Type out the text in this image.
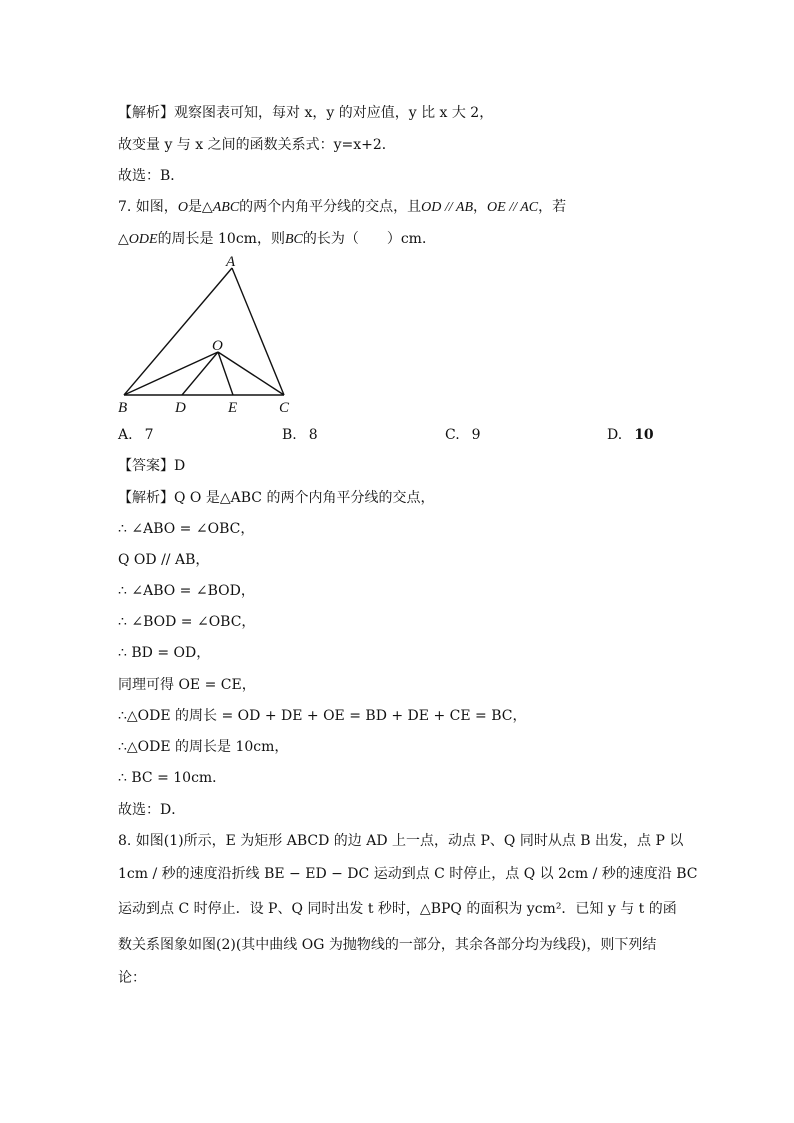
【解析】观察图表可知，每对 x，y 的对应值，y 比 x 大 2，
故变量 y 与 x 之间的函数关系式：y=x+2．
故选：B．
7. 如图，O是△ABC的两个内角平分线的交点，且OD // AB，OE // AC，若
△ODE的周长是 10cm，则BC的长为（　　）cm．
A
O
B	D	E	C
A. 7	B. 8	C. 9	D. 10
【答案】D
【解析】Q O 是△ABC 的两个内角平分线的交点，
∴ ∠ABO = ∠OBC，
Q OD // AB，
∴ ∠ABO = ∠BOD，
∴ ∠BOD = ∠OBC，
∴ BD = OD，
同理可得 OE = CE，
∴△ODE 的周长 = OD + DE + OE = BD + DE + CE = BC，
∴△ODE 的周长是 10cm，
∴ BC = 10cm．
故选：D．
8. 如图(1)所示，E 为矩形 ABCD 的边 AD 上一点，动点 P、Q 同时从点 B 出发，点 P 以
1cm / 秒的速度沿折线 BE − ED − DC 运动到点 C 时停止，点 Q 以 2cm / 秒的速度沿 BC
运动到点 C 时停止．设 P、Q 同时出发 t 秒时，△BPQ 的面积为 ycm²．已知 y 与 t 的函
数关系图象如图(2)(其中曲线 OG 为抛物线的一部分，其余各部分均为线段)，则下列结
论：
